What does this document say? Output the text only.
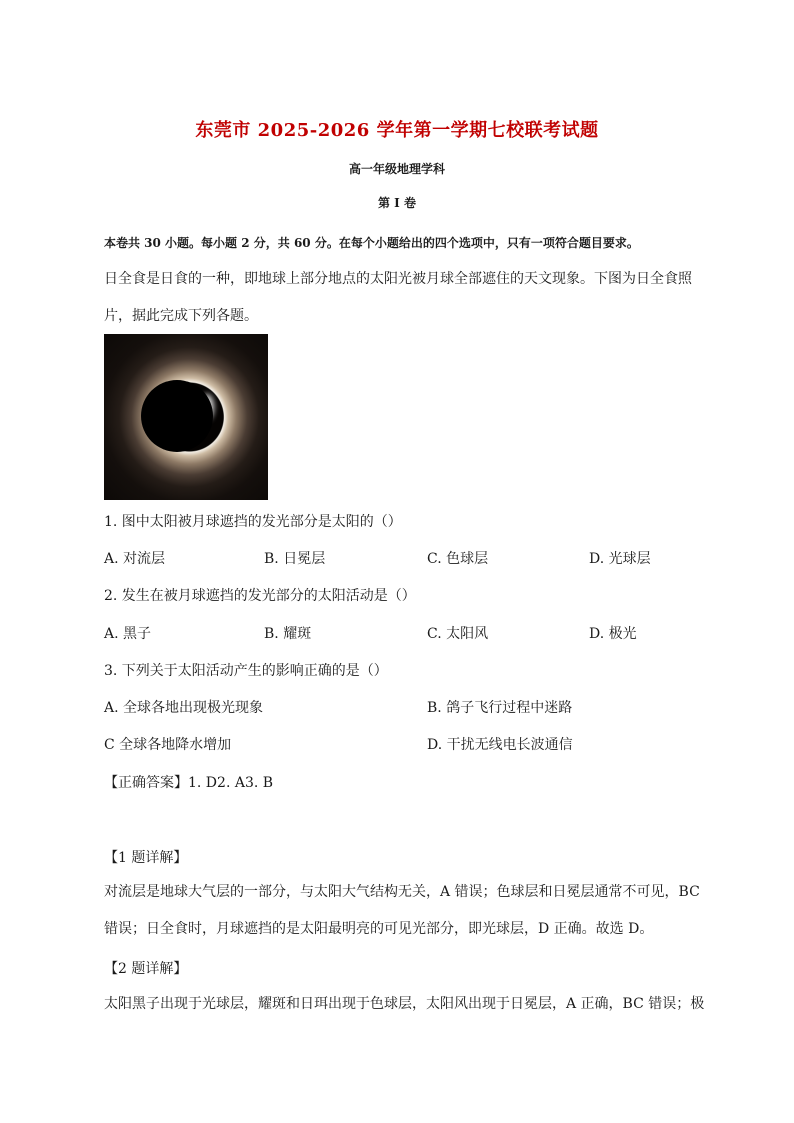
东莞市 2025-2026 学年第一学期七校联考试题
高一年级地理学科
第 I 卷
本卷共 30 小题。每小题 2 分，共 60 分。在每个小题给出的四个选项中，只有一项符合题目要求。
日全食是日食的一种，即地球上部分地点的太阳光被月球全部遮住的天文现象。下图为日全食照
片，据此完成下列各题。
1. 图中太阳被月球遮挡的发光部分是太阳的（）
A. 对流层	B. 日冕层	C. 色球层	D. 光球层
2. 发生在被月球遮挡的发光部分的太阳活动是（）
A. 黑子	B. 耀斑	C. 太阳风	D. 极光
3. 下列关于太阳活动产生的影响正确的是（）
A. 全球各地出现极光现象	B. 鸽子飞行过程中迷路
C 全球各地降水增加	D. 干扰无线电长波通信
【正确答案】1. D2. A3. B
【1 题详解】
对流层是地球大气层的一部分，与太阳大气结构无关，A 错误；色球层和日冕层通常不可见，BC
错误；日全食时，月球遮挡的是太阳最明亮的可见光部分，即光球层，D 正确。故选 D。
【2 题详解】
太阳黑子出现于光球层，耀斑和日珥出现于色球层，太阳风出现于日冕层，A 正确，BC 错误；极
